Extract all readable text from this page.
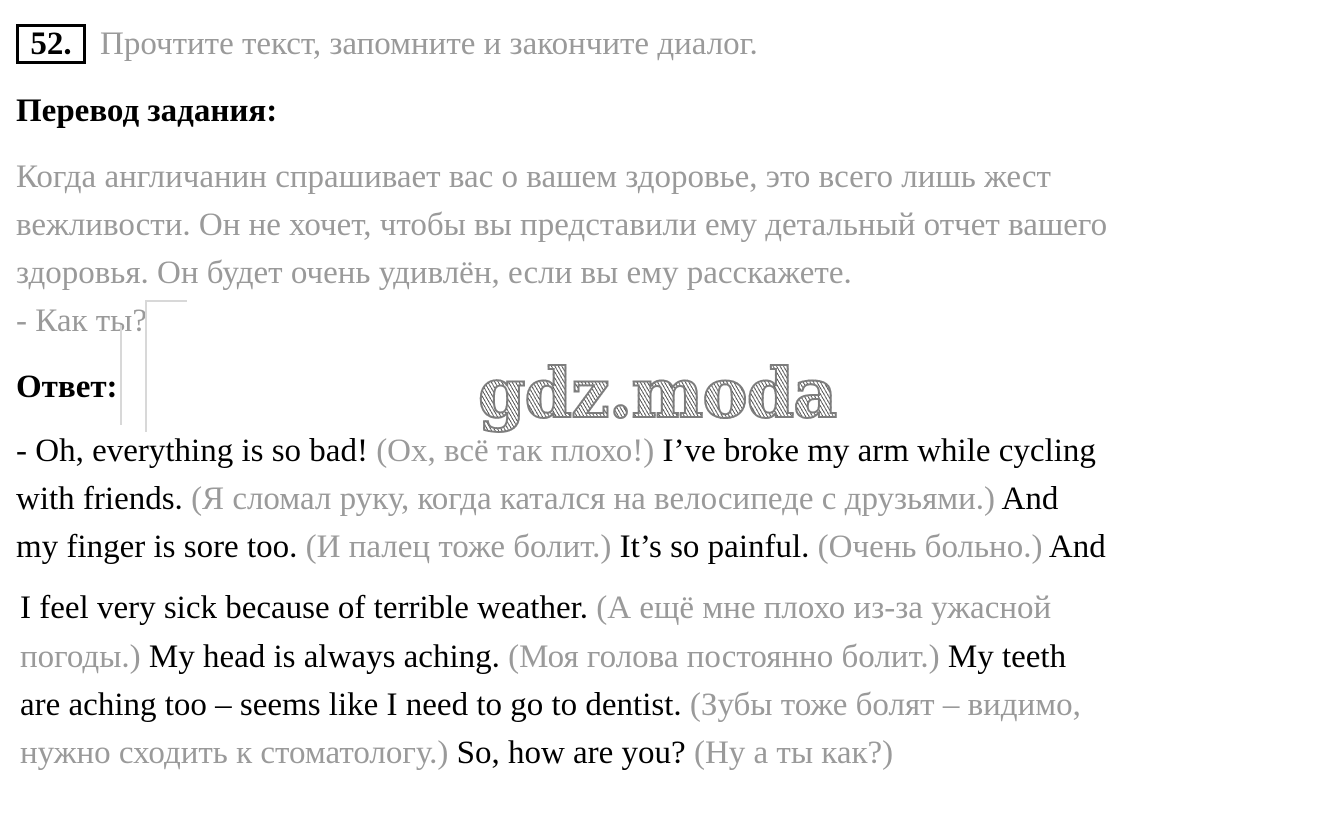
52. Прочтите текст, запомните и закончите диалог.
Перевод задания:
Когда англичанин спрашивает вас о вашем здоровье, это всего лишь жест
вежливости. Он не хочет, чтобы вы представили ему детальный отчет вашего
здоровья. Он будет очень удивлён, если вы ему расскажете.
- Как ты?
Ответ:
- Oh, everything is so bad! (Ох, всё так плохо!) I’ve broke my arm while cycling
with friends. (Я сломал руку, когда катался на велосипеде с друзьями.) And
my finger is sore too. (И палец тоже болит.) It’s so painful. (Очень больно.) And
I feel very sick because of terrible weather. (А ещё мне плохо из-за ужасной
погоды.) My head is always aching. (Моя голова постоянно болит.) My teeth
are aching too – seems like I need to go to dentist. (Зубы тоже болят – видимо,
нужно сходить к стоматологу.) So, how are you? (Ну а ты как?)
gdz.moda
